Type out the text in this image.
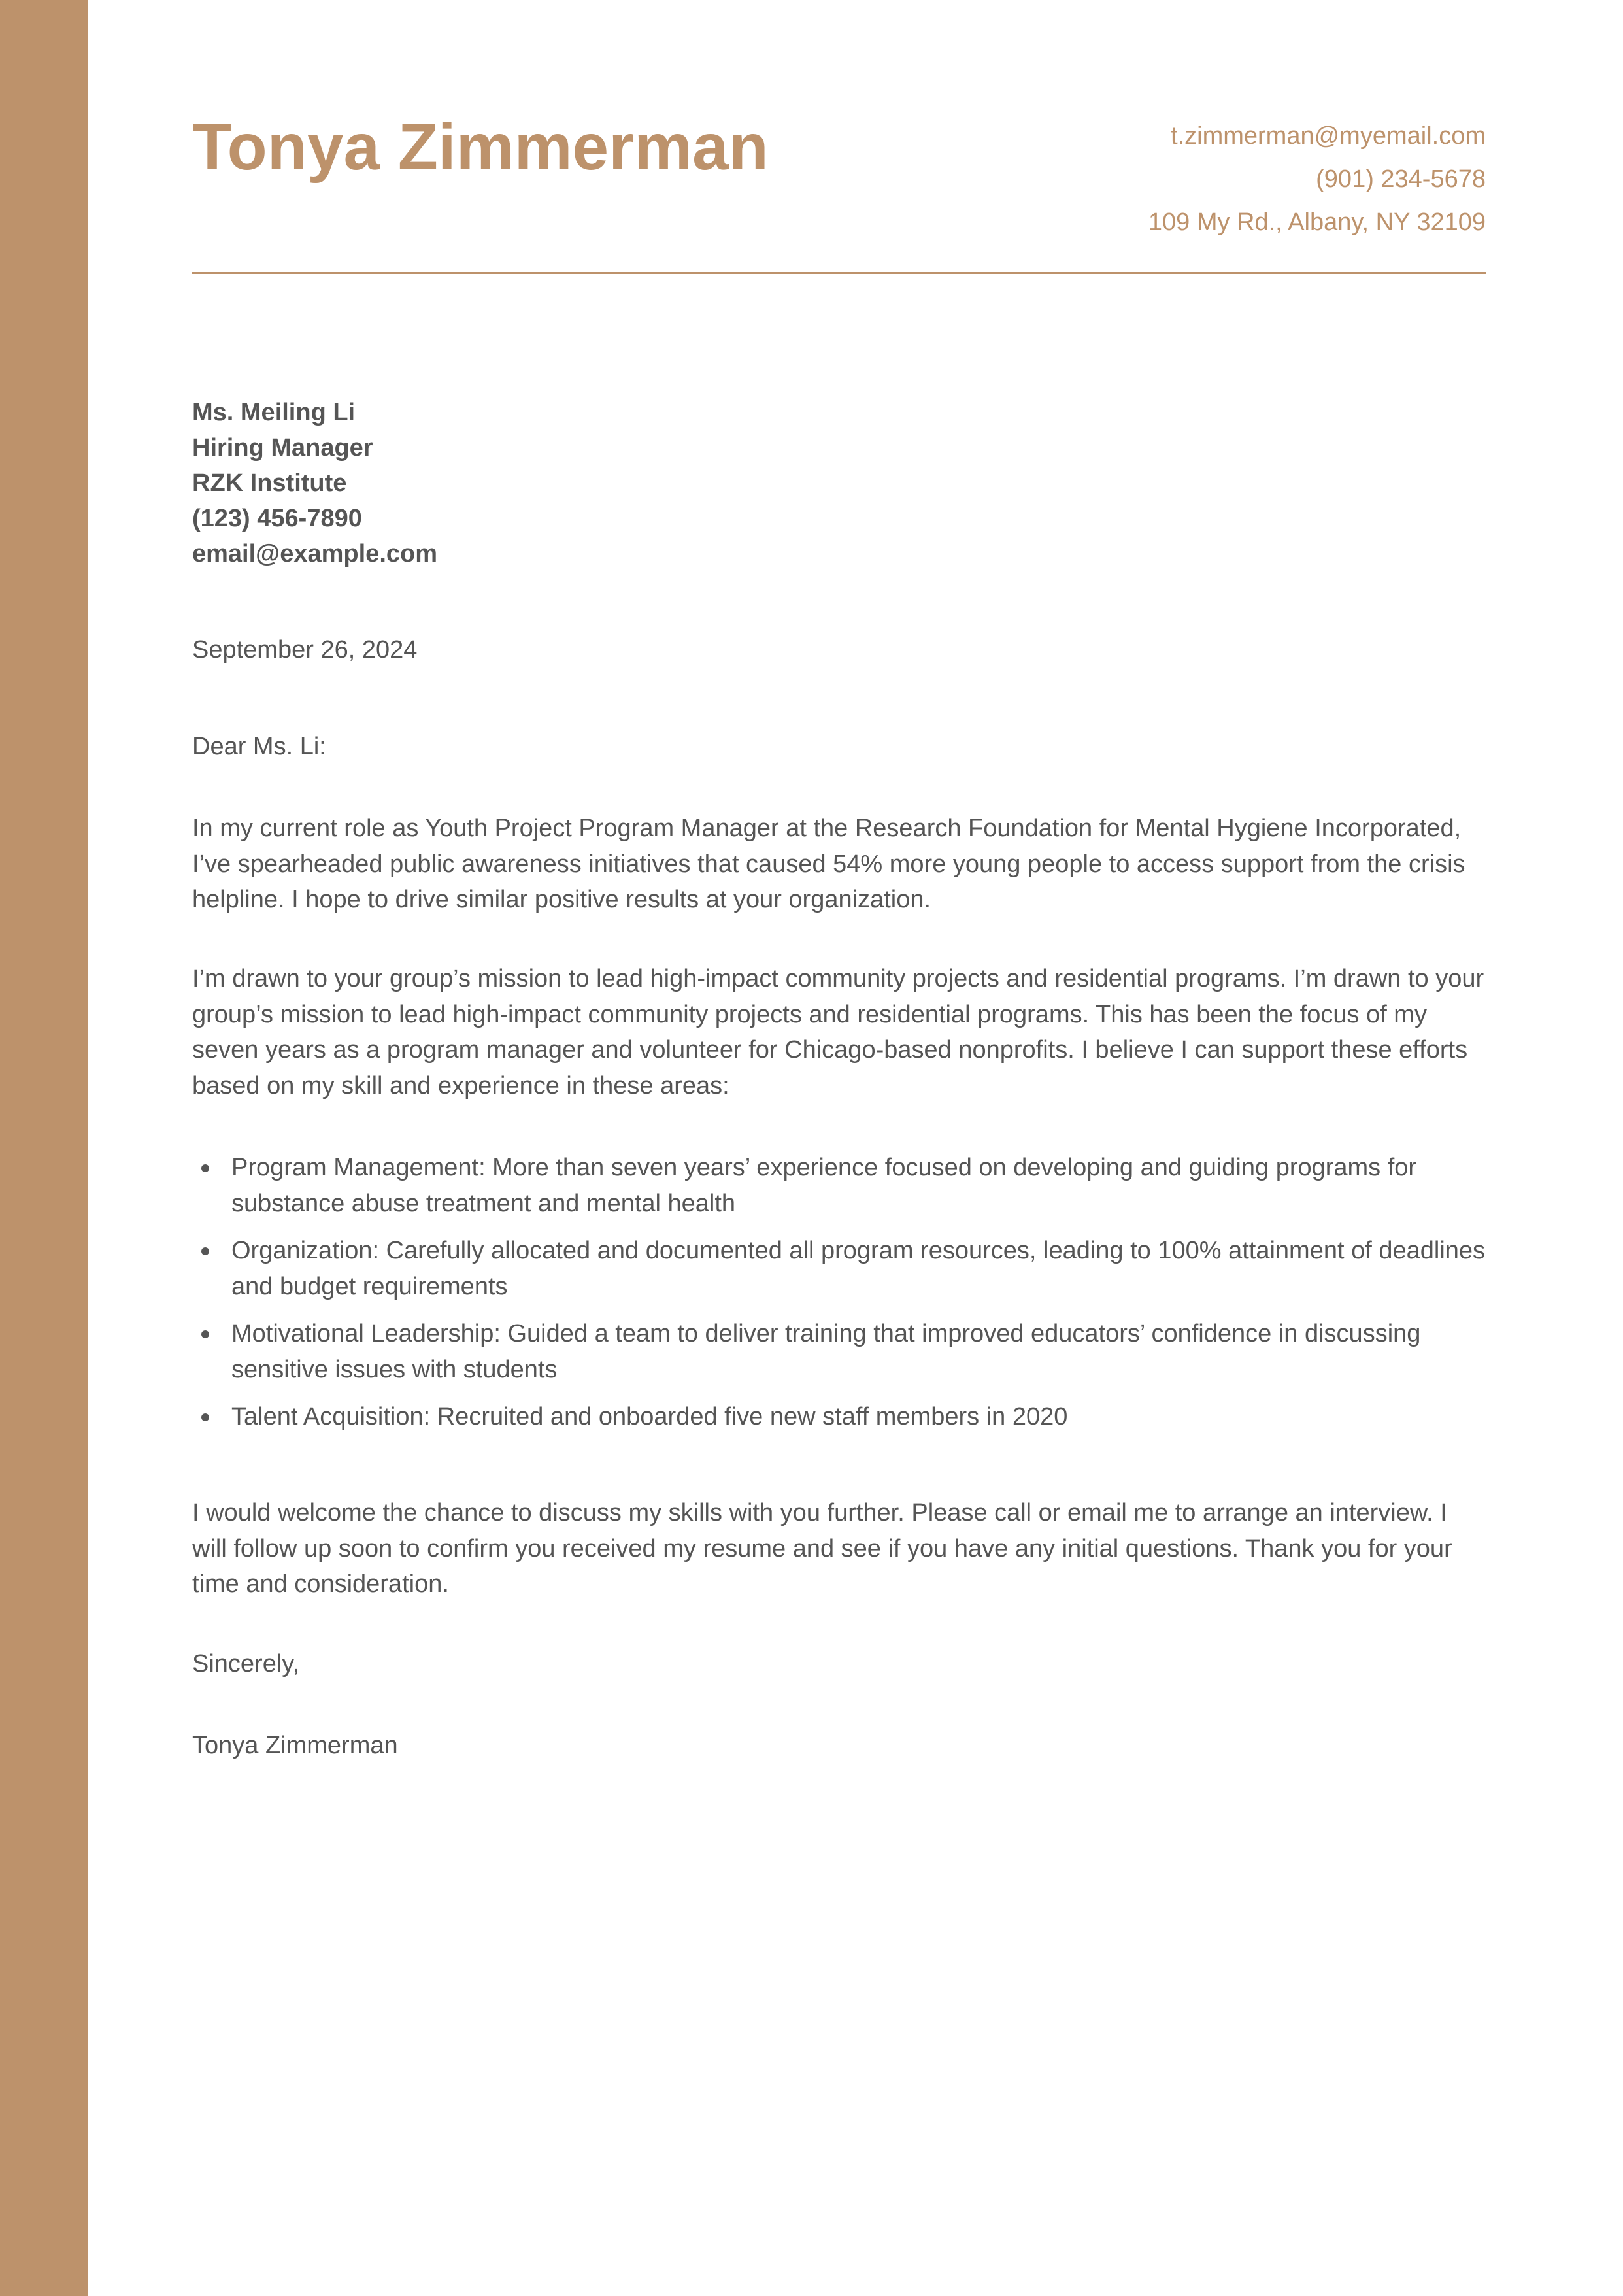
Tonya Zimmerman	t.zimmerman@myemail.com
(901) 234-5678
109 My Rd., Albany, NY 32109
Ms. Meiling Li
Hiring Manager
RZK Institute
(123) 456-7890
email@example.com
September 26, 2024
Dear Ms. Li:

In my current role as Youth Project Program Manager at the Research Foundation for Mental Hygiene Incorporated, I’ve spearheaded public awareness initiatives that caused 54% more young people to access support from the crisis helpline. I hope to drive similar positive results at your organization.

I’m drawn to your group’s mission to lead high-impact community projects and residential programs. I’m drawn to your group’s mission to lead high-impact community projects and residential programs. This has been the focus of my seven years as a program manager and volunteer for Chicago-based nonprofits. I believe I can support these efforts based on my skill and experience in these areas:

Program Management: More than seven years’ experience focused on developing and guiding programs for substance abuse treatment and mental health
Organization: Carefully allocated and documented all program resources, leading to 100% attainment of deadlines and budget requirements
Motivational Leadership: Guided a team to deliver training that improved educators’ confidence in discussing sensitive issues with students
Talent Acquisition: Recruited and onboarded five new staff members in 2020

I would welcome the chance to discuss my skills with you further. Please call or email me to arrange an interview. I will follow up soon to confirm you received my resume and see if you have any initial questions. Thank you for your time and consideration.

Sincerely,
Tonya Zimmerman
